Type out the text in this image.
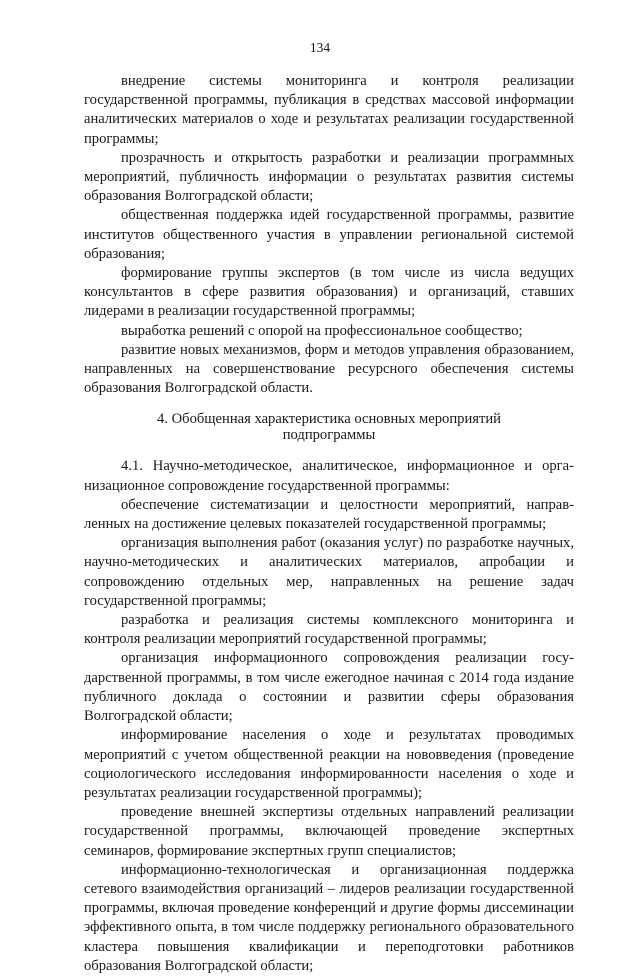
134

внедрение системы мониторинга и контроля реализации государственной программы, публикация в средствах массовой информации аналитических материалов о ходе и результатах реализации государственной программы;

прозрачность и открытость разработки и реализации программных мероприятий, публичность информации о результатах развития системы образования Волгоградской области;

общественная поддержка идей государственной программы, развитие институтов общественного участия в управлении региональной системой образования;

формирование группы экспертов (в том числе из числа ведущих консультантов в сфере развития образования) и организаций, ставших лидерами в реализации государственной программы;

выработка решений с опорой на профессиональное сообщество;

развитие новых механизмов, форм и методов управления образованием, направленных на совершенствование ресурсного обеспечения системы образования Волгоградской области.

4. Обобщенная характеристика основных мероприятий
подпрограммы

4.1. Научно-методическое, аналитическое, информационное и организационное сопровождение государственной программы:

обеспечение систематизации и целостности мероприятий, направленных на достижение целевых показателей государственной программы;

организация выполнения работ (оказания услуг) по разработке научных, научно-методических и аналитических материалов, апробации и сопровождению отдельных мер, направленных на решение задач государственной программы;

разработка и реализация системы комплексного мониторинга и контроля реализации мероприятий государственной программы;

организация информационного сопровождения реализации государственной программы, в том числе ежегодное начиная с 2014 года издание публичного доклада о состоянии и развитии сферы образования Волгоградской области;

информирование населения о ходе и результатах проводимых мероприятий с учетом общественной реакции на нововведения (проведение социологического исследования информированности населения о ходе и результатах реализации государственной программы);

проведение внешней экспертизы отдельных направлений реализации государственной программы, включающей проведение экспертных семинаров, формирование экспертных групп специалистов;

информационно-технологическая и организационная поддержка сетевого взаимодействия организаций – лидеров реализации государственной программы, включая проведение конференций и другие формы диссеминации эффективного опыта, в том числе поддержку регионального образовательного кластера повышения квалификации и переподготовки работников образования Волгоградской области;
